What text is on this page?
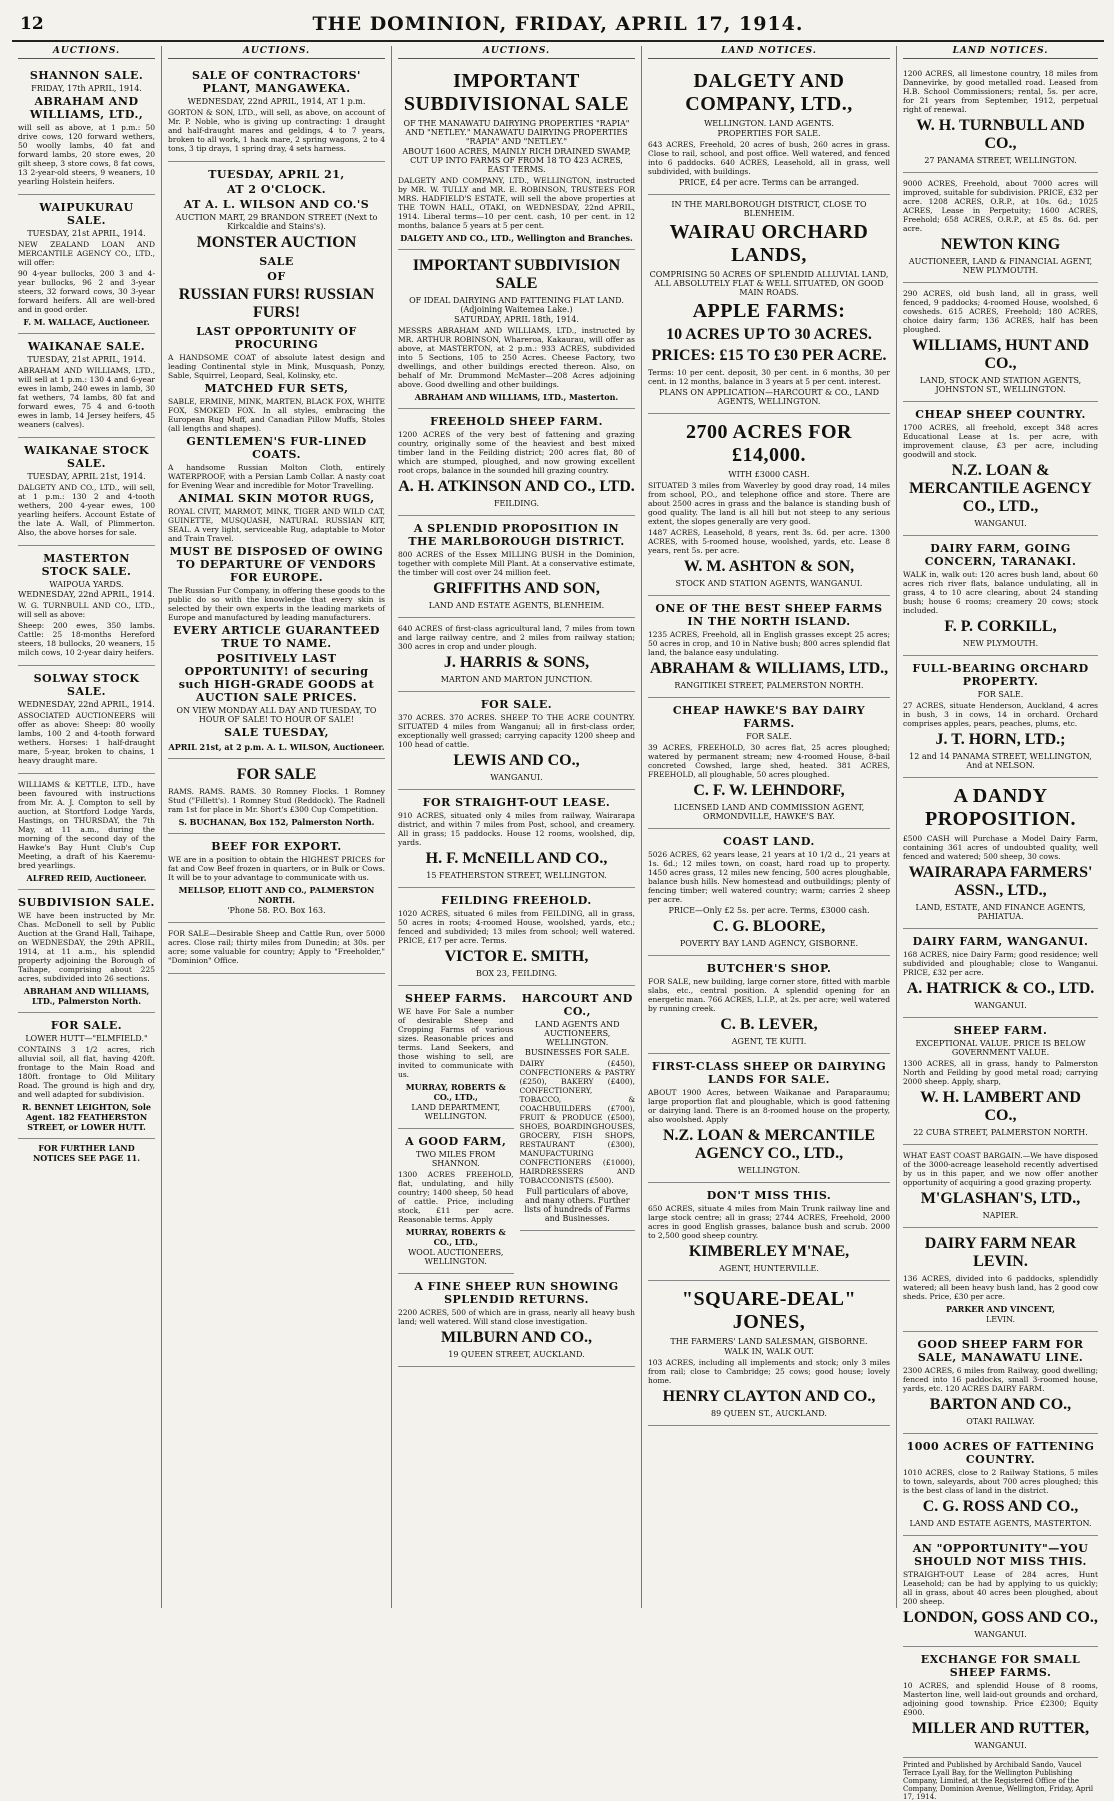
12	THE DOMINION, FRIDAY, APRIL 17, 1914.
AUCTIONS.
SHANNON SALE.
FRIDAY, 17th APRIL, 1914.
ABRAHAM AND WILLIAMS, LTD.,

will sell as above, at 1 p.m.: 50 drive cows, 120 forward wethers, 50 woolly lambs, 40 fat and forward lambs, 20 store ewes, 20 gilt sheep, 3 store cows, 8 fat cows, 13 2-year-old steers, 9 weaners, 10 yearling Holstein heifers.

WAIPUKURAU SALE.
TUESDAY, 21st APRIL, 1914.

NEW ZEALAND LOAN AND MERCANTILE AGENCY CO., LTD., will offer:

90 4-year bullocks, 200 3 and 4-year bullocks, 96 2 and 3-year steers, 32 forward cows, 30 3-year forward heifers. All are well-bred and in good order.

F. M. WALLACE, Auctioneer.
WAIKANAE SALE.
TUESDAY, 21st APRIL, 1914.

ABRAHAM AND WILLIAMS, LTD., will sell at 1 p.m.: 130 4 and 6-year ewes in lamb, 240 ewes in lamb, 30 fat wethers, 74 lambs, 80 fat and forward ewes, 75 4 and 6-tooth ewes in lamb, 14 Jersey heifers, 45 weaners (calves).

WAIKANAE STOCK SALE.
TUESDAY, APRIL 21st, 1914.

DALGETY AND CO., LTD., will sell, at 1 p.m.: 130 2 and 4-tooth wethers, 200 4-year ewes, 100 yearling heifers. Account Estate of the late A. Wall, of Plimmerton. Also, the above horses for sale.

MASTERTON STOCK SALE.
WAIPOUA YARDS.
WEDNESDAY, 22nd APRIL, 1914.

W. G. TURNBULL AND CO., LTD., will sell as above:

Sheep: 200 ewes, 350 lambs. Cattle: 25 18-months Hereford steers, 18 bullocks, 20 weaners, 15 milch cows, 10 2-year dairy heifers.

SOLWAY STOCK SALE.
WEDNESDAY, 22nd APRIL, 1914.

ASSOCIATED AUCTIONEERS will offer as above: Sheep: 80 woolly lambs, 100 2 and 4-tooth forward wethers. Horses: 1 half-draught mare, 5-year, broken to chains, 1 heavy draught mare.

WILLIAMS & KETTLE, LTD., have been favoured with instructions from Mr. A. J. Compton to sell by auction, at Stortford Lodge Yards, Hastings, on THURSDAY, the 7th May, at 11 a.m., during the morning of the second day of the Hawke's Bay Hunt Club's Cup Meeting, a draft of his Kaeremu-bred yearlings.

ALFRED REID, Auctioneer.
SUBDIVISION SALE.

WE have been instructed by Mr. Chas. McDonell to sell by Public Auction at the Grand Hall, Taihape, on WEDNESDAY, the 29th APRIL, 1914, at 11 a.m., his splendid property adjoining the Borough of Taihape, comprising about 225 acres, subdivided into 26 sections.

ABRAHAM AND WILLIAMS, LTD., Palmerston North.
FOR SALE.
LOWER HUTT—"ELMFIELD."

CONTAINS 3 1/2 acres, rich alluvial soil, all flat, having 420ft. frontage to the Main Road and 180ft. frontage to Old Military Road. The ground is high and dry, and well adapted for subdivision.

R. BENNET LEIGHTON, Sole Agent. 182 FEATHERSTON STREET, or LOWER HUTT.
FOR FURTHER LAND NOTICES SEE PAGE 11.
AUCTIONS.
SALE OF CONTRACTORS' PLANT, MANGAWEKA.
WEDNESDAY, 22nd APRIL, 1914, AT 1 p.m.

GORTON & SON, LTD., will sell, as above, on account of Mr. P. Noble, who is giving up contracting: 1 draught and half-draught mares and geldings, 4 to 7 years, broken to all work, 1 hack mare, 2 spring wagons, 2 to 4 tons, 3 tip drays, 1 spring dray, 4 sets harness.

TUESDAY, APRIL 21,
AT 2 O'CLOCK.
AT A. L. WILSON AND CO.'S
AUCTION MART, 29 BRANDON STREET (Next to Kirkcaldie and Stains's).
MONSTER AUCTION
SALE
OF
RUSSIAN FURS! RUSSIAN FURS!
LAST OPPORTUNITY OF PROCURING

A HANDSOME COAT of absolute latest design and leading Continental style in Mink, Musquash, Ponzy, Sable, Squirrel, Leopard, Seal, Kolinsky, etc.

MATCHED FUR SETS,

SABLE, ERMINE, MINK, MARTEN, BLACK FOX, WHITE FOX, SMOKED FOX. In all styles, embracing the European Rug Muff, and Canadian Pillow Muffs, Stoles (all lengths and shapes).

GENTLEMEN'S FUR-LINED COATS.

A handsome Russian Molton Cloth, entirely WATERPROOF, with a Persian Lamb Collar. A nasty coat for Evening Wear and incredible for Motor Travelling.

ANIMAL SKIN MOTOR RUGS,

ROYAL CIVIT, MARMOT, MINK, TIGER AND WILD CAT, GUINETTE, MUSQUASH, NATURAL RUSSIAN KIT, SEAL. A very light, serviceable Rug, adaptable to Motor and Train Travel.

MUST BE DISPOSED OF OWING TO DEPARTURE OF VENDORS FOR EUROPE.

The Russian Fur Company, in offering these goods to the public do so with the knowledge that every skin is selected by their own experts in the leading markets of Europe and manufactured by leading manufacturers.

EVERY ARTICLE GUARANTEED TRUE TO NAME.
POSITIVELY LAST OPPORTUNITY! of securing such HIGH-GRADE GOODS at AUCTION SALE PRICES.
ON VIEW MONDAY ALL DAY AND TUESDAY, TO HOUR OF SALE! TO HOUR OF SALE!
SALE TUESDAY,
APRIL 21st, at 2 p.m. A. L. WILSON, Auctioneer.
FOR SALE

RAMS. RAMS. RAMS. 30 Romney Flocks. 1 Romney Stud ("Fillett's). 1 Romney Stud (Reddock). The Radnell ram 1st for place in Mr. Short's £300 Cup Competition.

S. BUCHANAN, Box 152, Palmerston North.
BEEF FOR EXPORT.

WE are in a position to obtain the HIGHEST PRICES for fat and Cow Beef frozen in quarters, or in Bulk or Cows. It will be to your advantage to communicate with us.

MELLSOP, ELIOTT AND CO., PALMERSTON NORTH.
'Phone 58. P.O. Box 163.

FOR SALE—Desirable Sheep and Cattle Run, over 5000 acres. Close rail; thirty miles from Dunedin; at 30s. per acre; some valuable for country; Apply to "Freeholder," "Dominion" Office.

AUCTIONS.
IMPORTANT SUBDIVISIONAL SALE
OF THE MANAWATU DAIRYING PROPERTIES "RAPIA" AND "NETLEY." MANAWATU DAIRYING PROPERTIES "RAPIA" AND "NETLEY."
ABOUT 1600 ACRES, MAINLY RICH DRAINED SWAMP, CUT UP INTO FARMS OF FROM 18 TO 423 ACRES, EAST TERMS.

DALGETY AND COMPANY, LTD., WELLINGTON, instructed by MR. W. TULLY and MR. E. ROBINSON, TRUSTEES FOR MRS. HADFIELD'S ESTATE, will sell the above properties at THE TOWN HALL, OTAKI, on WEDNESDAY, 22nd APRIL, 1914. Liberal terms—10 per cent. cash, 10 per cent. in 12 months, balance 5 years at 5 per cent.

DALGETY AND CO., LTD., Wellington and Branches.
IMPORTANT SUBDIVISION SALE
OF IDEAL DAIRYING AND FATTENING FLAT LAND. (Adjoining Waitemea Lake.)
SATURDAY, APRIL 18th, 1914.

MESSRS ABRAHAM AND WILLIAMS, LTD., instructed by MR. ARTHUR ROBINSON, Whareroa, Kakaurau, will offer as above, at MASTERTON, at 2 p.m.: 933 ACRES, subdivided into 5 Sections, 105 to 250 Acres. Cheese Factory, two dwellings, and other buildings erected thereon. Also, on behalf of Mr. Drummond McMaster—208 Acres adjoining above. Good dwelling and other buildings.

ABRAHAM AND WILLIAMS, LTD., Masterton.
FREEHOLD SHEEP FARM.

1200 ACRES of the very best of fattening and grazing country, originally some of the heaviest and best mixed timber land in the Feilding district; 200 acres flat, 80 of which are stumped, ploughed, and now growing excellent root crops, balance in the sounded hill grazing country.

A. H. ATKINSON AND CO., LTD.
FEILDING.
A SPLENDID PROPOSITION IN THE MARLBOROUGH DISTRICT.

800 ACRES of the Essex MILLING BUSH in the Dominion, together with complete Mill Plant. At a conservative estimate, the timber will cost over 24 million feet.

GRIFFITHS AND SON,
LAND AND ESTATE AGENTS, BLENHEIM.

640 ACRES of first-class agricultural land, 7 miles from town and large railway centre, and 2 miles from railway station; 300 acres in crop and under plough.

J. HARRIS & SONS,
MARTON AND MARTON JUNCTION.
FOR SALE.

370 ACRES. 370 ACRES. SHEEP TO THE ACRE COUNTRY. SITUATED 4 miles from Wanganui; all in first-class order, exceptionally well grassed; carrying capacity 1200 sheep and 100 head of cattle.

LEWIS AND CO.,
WANGANUI.
FOR STRAIGHT-OUT LEASE.

910 ACRES, situated only 4 miles from railway, Wairarapa district, and within 7 miles from Post, school, and creamery. All in grass; 15 paddocks. House 12 rooms, woolshed, dip, yards.

H. F. McNEILL AND CO.,
15 FEATHERSTON STREET, WELLINGTON.
FEILDING FREEHOLD.

1020 ACRES, situated 6 miles from FEILDING, all in grass, 50 acres in roots; 4-roomed House, woolshed, yards, etc.; fenced and subdivided; 13 miles from school; well watered. PRICE, £17 per acre. Terms.

VICTOR E. SMITH,
BOX 23, FEILDING.
SHEEP FARMS.

WE have For Sale a number of desirable Sheep and Cropping Farms of various sizes. Reasonable prices and terms. Land Seekers, and those wishing to sell, are invited to communicate with us.

MURRAY, ROBERTS & CO., LTD.,
LAND DEPARTMENT, WELLINGTON.
A GOOD FARM,
TWO MILES FROM SHANNON.

1300 ACRES FREEHOLD, flat, undulating, and hilly country; 1400 sheep, 50 head of cattle. Price, including stock, £11 per acre. Reasonable terms. Apply

MURRAY, ROBERTS & CO., LTD.,
WOOL AUCTIONEERS, WELLINGTON.
HARCOURT AND CO.,
LAND AGENTS AND AUCTIONEERS, WELLINGTON.
BUSINESSES FOR SALE.

DAIRY (£450), CONFECTIONERS & PASTRY (£250), BAKERY (£400), CONFECTIONERY, TOBACCO, & COACHBUILDERS (£700), FRUIT & PRODUCE (£500), SHOES, BOARDINGHOUSES, GROCERY, FISH SHOPS, RESTAURANT (£300), MANUFACTURING CONFECTIONERS (£1000), HAIRDRESSERS AND TOBACCONISTS (£500).

Full particulars of above, and many others. Further lists of hundreds of Farms and Businesses.
A FINE SHEEP RUN SHOWING SPLENDID RETURNS.

2200 ACRES, 500 of which are in grass, nearly all heavy bush land; well watered. Will stand close investigation.

MILBURN AND CO.,
19 QUEEN STREET, AUCKLAND.
LAND NOTICES.
DALGETY AND COMPANY, LTD.,
WELLINGTON. LAND AGENTS.
PROPERTIES FOR SALE.

643 ACRES, Freehold, 20 acres of bush, 260 acres in grass. Close to rail, school, and post office. Well watered, and fenced into 6 paddocks. 640 ACRES, Leasehold, all in grass, well subdivided, with buildings.

PRICE, £4 per acre. Terms can be arranged.
IN THE MARLBOROUGH DISTRICT, CLOSE TO BLENHEIM.
WAIRAU ORCHARD LANDS,
COMPRISING 50 ACRES OF SPLENDID ALLUVIAL LAND, ALL ABSOLUTELY FLAT & WELL SITUATED, ON GOOD MAIN ROADS.
APPLE FARMS:
10 ACRES UP TO 30 ACRES.
PRICES: £15 TO £30 PER ACRE.

Terms: 10 per cent. deposit, 30 per cent. in 6 months, 30 per cent. in 12 months, balance in 3 years at 5 per cent. interest.

PLANS ON APPLICATION—HARCOURT & CO., LAND AGENTS, WELLINGTON.
2700 ACRES FOR £14,000.
WITH £3000 CASH.

SITUATED 3 miles from Waverley by good dray road, 14 miles from school, P.O., and telephone office and store. There are about 2500 acres in grass and the balance is standing bush of good quality. The land is all hill but not steep to any serious extent, the slopes generally are very good.

1487 ACRES, Leasehold, 8 years, rent 3s. 6d. per acre. 1300 ACRES, with 5-roomed house, woolshed, yards, etc. Lease 8 years, rent 5s. per acre.

W. M. ASHTON & SON,
STOCK AND STATION AGENTS, WANGANUI.
ONE OF THE BEST SHEEP FARMS IN THE NORTH ISLAND.

1235 ACRES, Freehold, all in English grasses except 25 acres; 50 acres in crop, and 10 in Native bush; 800 acres splendid flat land, the balance easy undulating.

ABRAHAM & WILLIAMS, LTD.,
RANGITIKEI STREET, PALMERSTON NORTH.
CHEAP HAWKE'S BAY DAIRY FARMS.
FOR SALE.

39 ACRES, FREEHOLD, 30 acres flat, 25 acres ploughed; watered by permanent stream; new 4-roomed House, 8-bail concreted Cowshed, large shed, heated. 381 ACRES, FREEHOLD, all ploughable, 50 acres ploughed.

C. F. W. LEHNDORF,
LICENSED LAND AND COMMISSION AGENT, ORMONDVILLE, HAWKE'S BAY.
COAST LAND.

5026 ACRES, 62 years lease, 21 years at 10 1/2 d., 21 years at 1s. 6d.; 12 miles town, on coast, hard road up to property. 1450 acres grass, 12 miles new fencing, 500 acres ploughable, balance bush hills. New homestead and outbuildings; plenty of fencing timber; well watered country; warm; carries 2 sheep per acre.

PRICE—Only £2 5s. per acre. Terms, £3000 cash.
C. G. BLOORE,
POVERTY BAY LAND AGENCY, GISBORNE.
BUTCHER'S SHOP.

FOR SALE, new building, large corner store, fitted with marble slabs, etc., central position. A splendid opening for an energetic man. 766 ACRES, L.I.P., at 2s. per acre; well watered by running creek.

C. B. LEVER,
AGENT, TE KUITI.
FIRST-CLASS SHEEP OR DAIRYING LANDS FOR SALE.

ABOUT 1900 Acres, between Waikanae and Paraparaumu; large proportion flat and ploughable, which is good fattening or dairying land. There is an 8-roomed house on the property, also woolshed. Apply

N.Z. LOAN & MERCANTILE AGENCY CO., LTD.,
WELLINGTON.
DON'T MISS THIS.

650 ACRES, situate 4 miles from Main Trunk railway line and large stock centre; all in grass; 2744 ACRES, Freehold, 2000 acres in good English grasses, balance bush and scrub. 2000 to 2,500 good sheep country.

KIMBERLEY M'NAE,
AGENT, HUNTERVILLE.
"SQUARE-DEAL" JONES,
THE FARMERS' LAND SALESMAN, GISBORNE.
WALK IN, WALK OUT.

103 ACRES, including all implements and stock; only 3 miles from rail; close to Cambridge; 25 cows; good house; lovely home.

HENRY CLAYTON AND CO.,
89 QUEEN ST., AUCKLAND.
LAND NOTICES.

1200 ACRES, all limestone country, 18 miles from Dannevirke, by good metalled road. Leased from H.B. School Commissioners; rental, 5s. per acre, for 21 years from September, 1912, perpetual right of renewal.

W. H. TURNBULL AND CO.,
27 PANAMA STREET, WELLINGTON.

9000 ACRES, Freehold, about 7000 acres will improved, suitable for subdivision. PRICE, £32 per acre. 1208 ACRES, O.R.P., at 10s. 6d.; 1025 ACRES, Lease in Perpetuity; 1600 ACRES, Freehold; 658 ACRES, O.R.P., at £5 8s. 6d. per acre.

NEWTON KING
AUCTIONEER, LAND & FINANCIAL AGENT, NEW PLYMOUTH.

290 ACRES, old bush land, all in grass, well fenced, 9 paddocks; 4-roomed House, woolshed, 6 cowsheds. 615 ACRES, Freehold; 180 ACRES, choice dairy farm; 136 ACRES, half has been ploughed.

WILLIAMS, HUNT AND CO.,
LAND, STOCK AND STATION AGENTS, JOHNSTON ST., WELLINGTON.
CHEAP SHEEP COUNTRY.

1700 ACRES, all freehold, except 348 acres Educational Lease at 1s. per acre, with improvement clause, £3 per acre, including goodwill and stock.

N.Z. LOAN & MERCANTILE AGENCY CO., LTD.,
WANGANUI.
DAIRY FARM, GOING CONCERN, TARANAKI.

WALK in, walk out: 120 acres bush land, about 60 acres rich river flats, balance undulating, all in grass, 4 to 10 acre clearing, about 24 standing bush; house 6 rooms; creamery 20 cows; stock included.

F. P. CORKILL,
NEW PLYMOUTH.
FULL-BEARING ORCHARD PROPERTY.
FOR SALE.

27 ACRES, situate Henderson, Auckland, 4 acres in bush, 3 in cows, 14 in orchard. Orchard comprises apples, pears, peaches, plums, etc.

J. T. HORN, LTD.;
12 and 14 PANAMA STREET, WELLINGTON, And at NELSON.
A DANDY PROPOSITION.

£500 CASH will Purchase a Model Dairy Farm, containing 361 acres of undoubted quality, well fenced and watered; 500 sheep, 30 cows.

WAIRARAPA FARMERS' ASSN., LTD.,
LAND, ESTATE, AND FINANCE AGENTS, PAHIATUA.
DAIRY FARM, WANGANUI.

168 ACRES, nice Dairy Farm; good residence; well subdivided and ploughable; close to Wanganui. PRICE, £32 per acre.

A. HATRICK & CO., LTD.
WANGANUI.
SHEEP FARM.
EXCEPTIONAL VALUE. PRICE IS BELOW GOVERNMENT VALUE.

1300 ACRES, all in grass, handy to Palmerston North and Feilding by good metal road; carrying 2000 sheep. Apply, sharp,

W. H. LAMBERT AND CO.,
22 CUBA STREET, PALMERSTON NORTH.

WHAT EAST COAST BARGAIN.—We have disposed of the 3000-acreage leasehold recently advertised by us in this paper, and we now offer another opportunity of acquiring a good grazing property.

M'GLASHAN'S, LTD.,
NAPIER.
DAIRY FARM NEAR LEVIN.

136 ACRES, divided into 6 paddocks, splendidly watered; all been heavy bush land, has 2 good cow sheds. Price, £30 per acre.

PARKER AND VINCENT,
LEVIN.
GOOD SHEEP FARM FOR SALE, MANAWATU LINE.

2300 ACRES, 6 miles from Railway, good dwelling; fenced into 16 paddocks, small 3-roomed house, yards, etc. 120 ACRES DAIRY FARM.

BARTON AND CO.,
OTAKI RAILWAY.
1000 ACRES OF FATTENING COUNTRY.

1010 ACRES, close to 2 Railway Stations, 5 miles to town, saleyards, about 700 acres ploughed; this is the best class of land in the district.

C. G. ROSS AND CO.,
LAND AND ESTATE AGENTS, MASTERTON.
AN "OPPORTUNITY"—YOU SHOULD NOT MISS THIS.

STRAIGHT-OUT Lease of 284 acres, Hunt Leasehold; can be had by applying to us quickly; all in grass, about 40 acres been ploughed, about 200 sheep.

LONDON, GOSS AND CO.,
WANGANUI.
EXCHANGE FOR SMALL SHEEP FARMS.

10 ACRES, and splendid House of 8 rooms, Masterton line, well laid-out grounds and orchard, adjoining good township. Price £2300; Equity £900.

MILLER AND RUTTER,
WANGANUI.

Printed and Published by Archibald Sando, Vaucel Terrace Lyall Bay, for the Wellington Publishing Company, Limited, at the Registered Office of the Company, Dominion Avenue, Wellington, Friday, April 17, 1914.
